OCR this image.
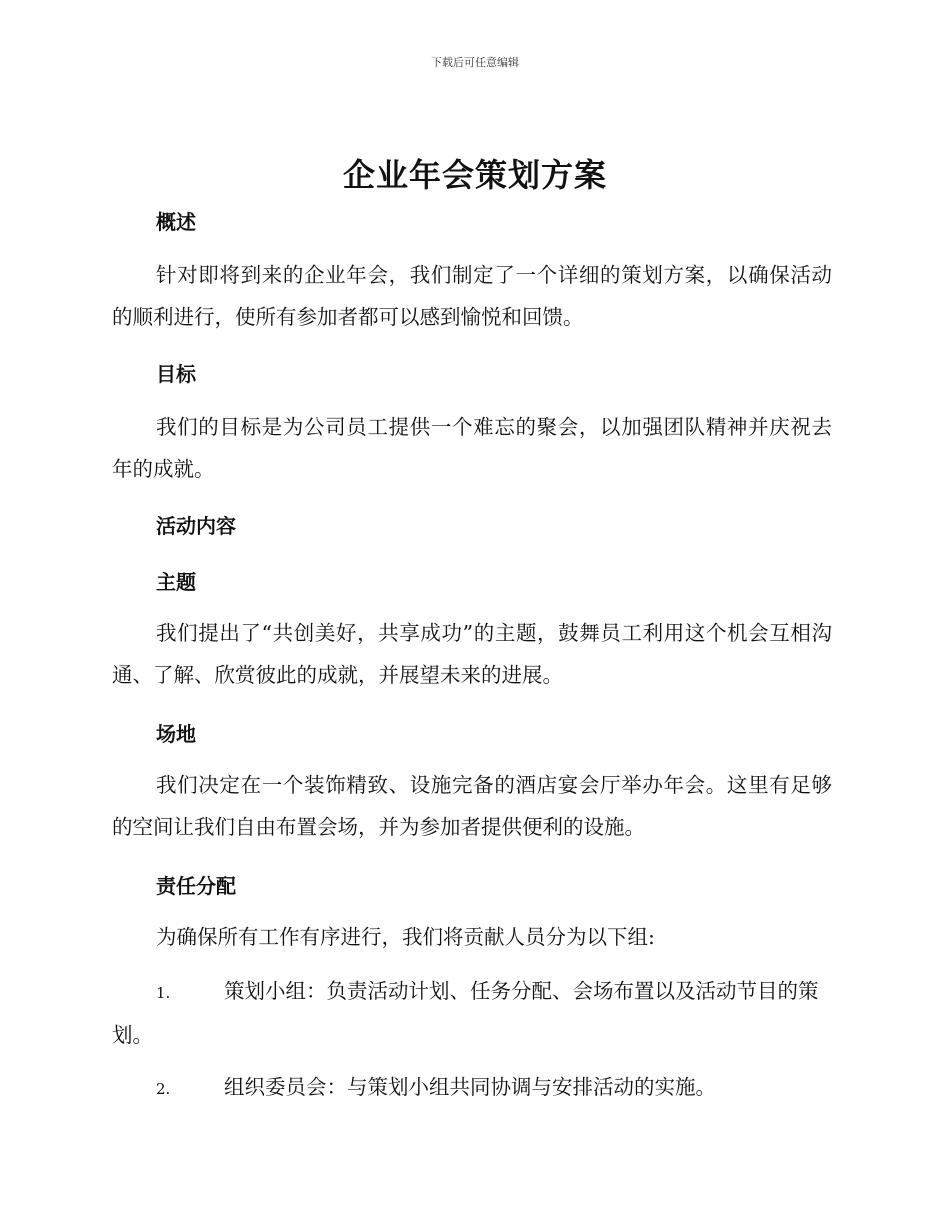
下载后可任意编辑
企业年会策划方案
概述
针对即将到来的企业年会，我们制定了一个详细的策划方案，以确保活动的顺利进行，使所有参加者都可以感到愉悦和回馈。
目标
我们的目标是为公司员工提供一个难忘的聚会，以加强团队精神并庆祝去年的成就。
活动内容
主题
我们提出了“共创美好，共享成功”的主题，鼓舞员工利用这个机会互相沟通、了解、欣赏彼此的成就，并展望未来的进展。
场地
我们决定在一个装饰精致、设施完备的酒店宴会厅举办年会。这里有足够的空间让我们自由布置会场，并为参加者提供便利的设施。
责任分配
为确保所有工作有序进行，我们将贡献人员分为以下组:
1.	策划小组：负责活动计划、任务分配、会场布置以及活动节目的策划。
2.	组织委员会：与策划小组共同协调与安排活动的实施。
